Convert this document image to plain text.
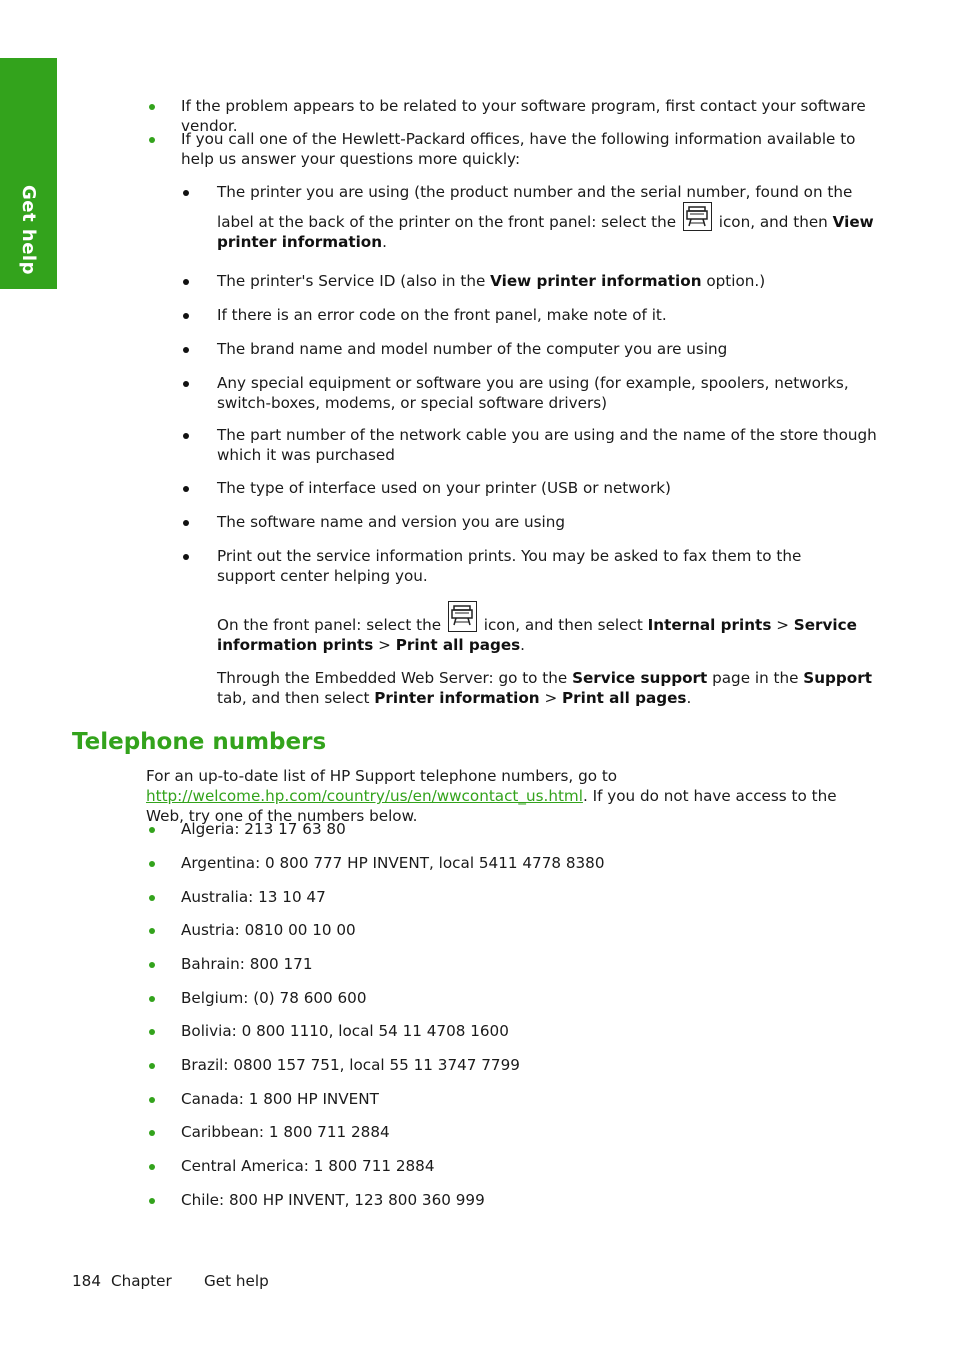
Get help
If the problem appears to be related to your software program, first contact your software vendor.
If you call one of the Hewlett-Packard offices, have the following information available to help us answer your questions more quickly:
The printer you are using (the product number and the serial number, found on the label at the back of the printer on the front panel: select the	icon, and then View printer information.
The printer's Service ID (also in the View printer information option.)
If there is an error code on the front panel, make note of it.
The brand name and model number of the computer you are using
Any special equipment or software you are using (for example, spoolers, networks, switch-boxes, modems, or special software drivers)
The part number of the network cable you are using and the name of the store though which it was purchased
The type of interface used on your printer (USB or network)
The software name and version you are using
Print out the service information prints. You may be asked to fax them to the support center helping you.
On the front panel: select the	icon, and then select Internal prints > Service information prints > Print all pages.
Through the Embedded Web Server: go to the Service support page in the Support tab, and then select Printer information > Print all pages.
Telephone numbers
For an up-to-date list of HP Support telephone numbers, go to http://welcome.hp.com/country/us/en/wwcontact_us.html. If you do not have access to the Web, try one of the numbers below.
Algeria: 213 17 63 80
Argentina: 0 800 777 HP INVENT, local 5411 4778 8380
Australia: 13 10 47
Austria: 0810 00 10 00
Bahrain: 800 171
Belgium: (0) 78 600 600
Bolivia: 0 800 1110, local 54 11 4708 1600
Brazil: 0800 157 751, local 55 11 3747 7799
Canada: 1 800 HP INVENT
Caribbean: 1 800 711 2884
Central America: 1 800 711 2884
Chile: 800 HP INVENT, 123 800 360 999
184 Chapter Get help
